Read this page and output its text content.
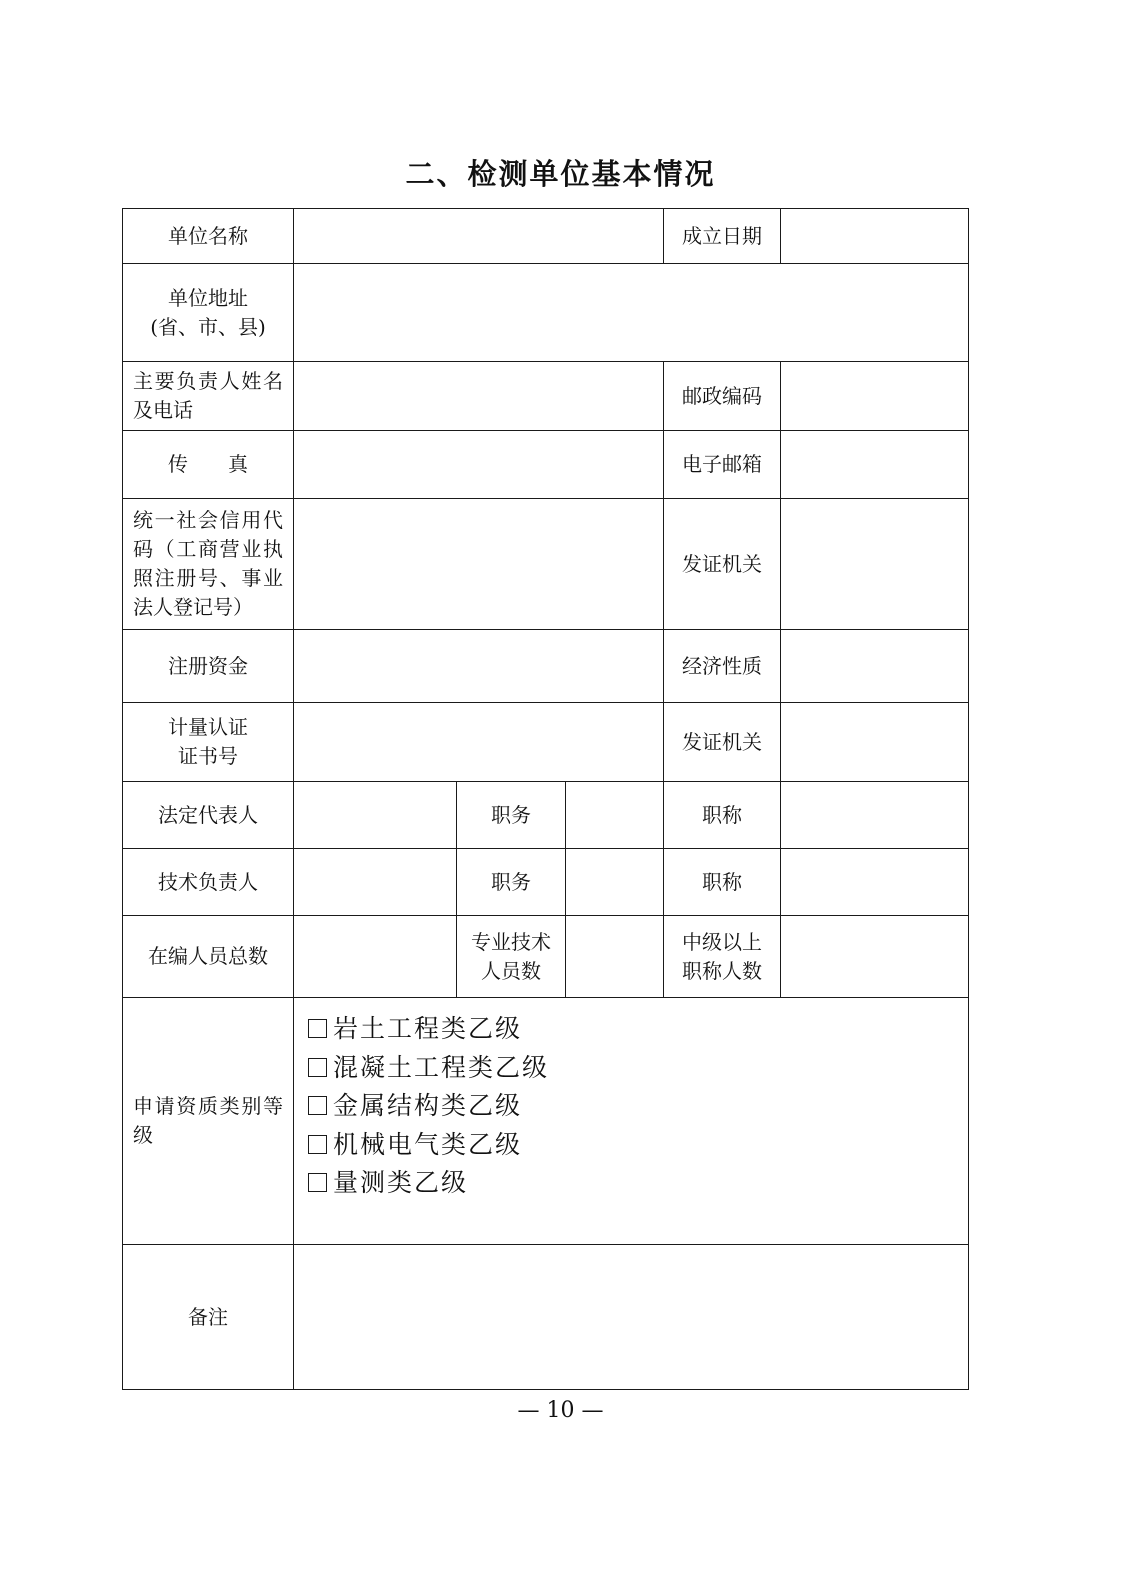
二、检测单位基本情况
单位名称				成立日期	

单位地址
(省、市、县)					

主要负责人姓名及电话				邮政编码	
传　　真				电子邮箱	
统一社会信用代码（工商营业执照注册号、事业法人登记号）				发证机关	
注册资金				经济性质	
计量认证证书号				发证机关	
法定代表人		职务		职称	
技术负责人		职务		职称	
在编人员总数		专业技术人员数		中级以上职称人数	
申请资质类别等级	岩土工程类乙级
混凝土工程类乙级
金属结构类乙级
机械电气类乙级
量测类乙级				

备注					
— 10 —
